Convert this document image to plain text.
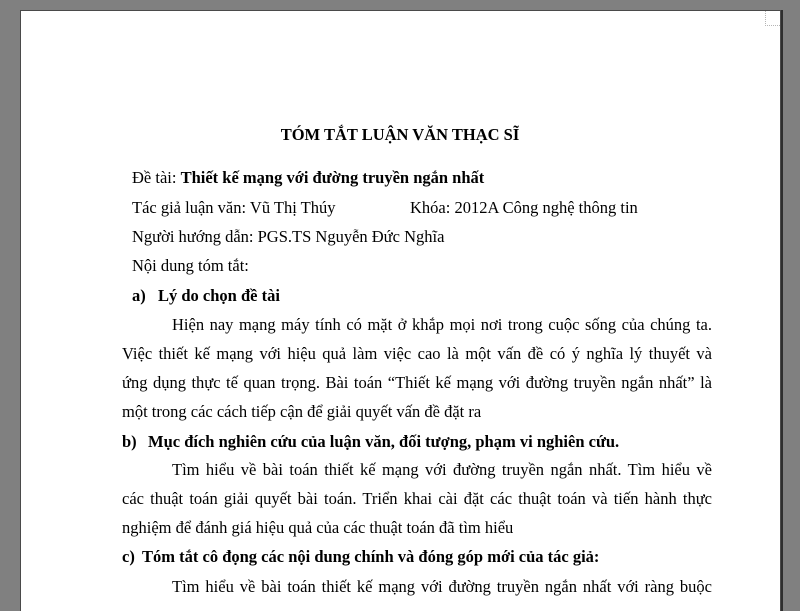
TÓM TẮT LUẬN VĂN THẠC SĨ
Đề tài: Thiết kế mạng với đường truyền ngắn nhất
Tác giả luận văn: Vũ Thị Thúy	Khóa: 2012A Công nghệ thông tin
Người hướng dẫn: PGS.TS Nguyễn Đức Nghĩa
Nội dung tóm tắt:
a) Lý do chọn đề tài
Hiện nay mạng máy tính có mặt ở khắp mọi nơi trong cuộc sống của chúng ta.
Việc thiết kế mạng với hiệu quả làm việc cao là một vấn đề có ý nghĩa lý thuyết và
ứng dụng thực tế quan trọng. Bài toán “Thiết kế mạng với đường truyền ngắn nhất” là
một trong các cách tiếp cận để giải quyết vấn đề đặt ra
b) Mục đích nghiên cứu của luận văn, đối tượng, phạm vi nghiên cứu.
Tìm hiểu về bài toán thiết kế mạng với đường truyền ngắn nhất. Tìm hiểu về
các thuật toán giải quyết bài toán. Triển khai cài đặt các thuật toán và tiến hành thực
nghiệm để đánh giá hiệu quả của các thuật toán đã tìm hiểu
c) Tóm tắt cô đọng các nội dung chính và đóng góp mới của tác giả:
Tìm hiểu về bài toán thiết kế mạng với đường truyền ngắn nhất với ràng buộc
